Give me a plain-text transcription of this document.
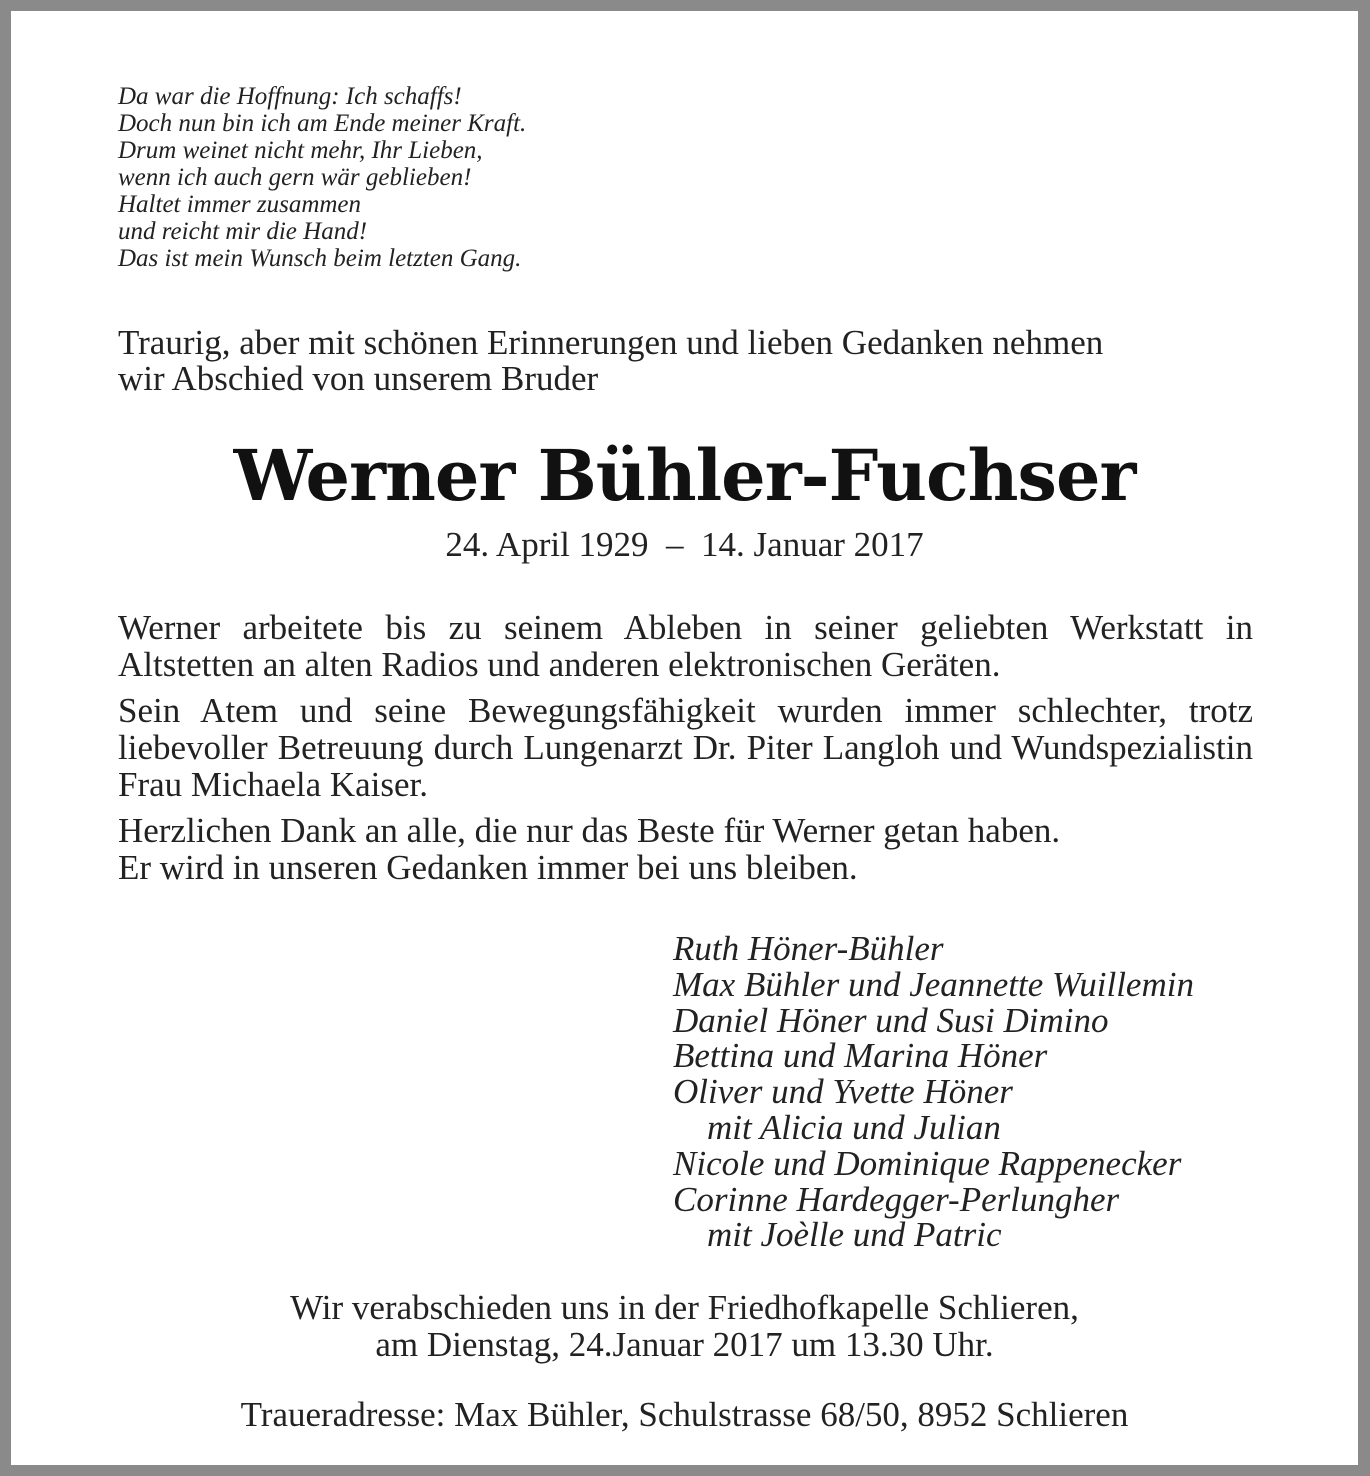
Da war die Hoffnung: Ich schaffs!
Doch nun bin ich am Ende meiner Kraft.
Drum weinet nicht mehr, Ihr Lieben,
wenn ich auch gern wär geblieben!
Haltet immer zusammen
und reicht mir die Hand!
Das ist mein Wunsch beim letzten Gang.
Traurig, aber mit schönen Erinnerungen und lieben Gedanken nehmen
wir Abschied von unserem Bruder
Werner Bühler-Fuchser
24. April 1929  –  14. Januar 2017

Werner arbeitete bis zu seinem Ableben in seiner geliebten Werkstatt in Altstetten an alten Radios und anderen elektronischen Geräten.

Sein Atem und seine Bewegungsfähigkeit wurden immer schlechter, trotz liebevoller Betreuung durch Lungenarzt Dr. Piter Langloh und Wundspezialistin Frau Michaela Kaiser.

Herzlichen Dank an alle, die nur das Beste für Werner getan haben.
Er wird in unseren Gedanken immer bei uns bleiben.

Ruth Höner-Bühler
Max Bühler und Jeannette Wuillemin
Daniel Höner und Susi Dimino
Bettina und Marina Höner
Oliver und Yvette Höner
mit Alicia und Julian
Nicole und Dominique Rappenecker
Corinne Hardegger-Perlungher
mit Joèlle und Patric
Wir verabschieden uns in der Friedhofkapelle Schlieren,
am Dienstag, 24.Januar 2017 um 13.30 Uhr.
Traueradresse: Max Bühler, Schulstrasse 68/50, 8952 Schlieren
